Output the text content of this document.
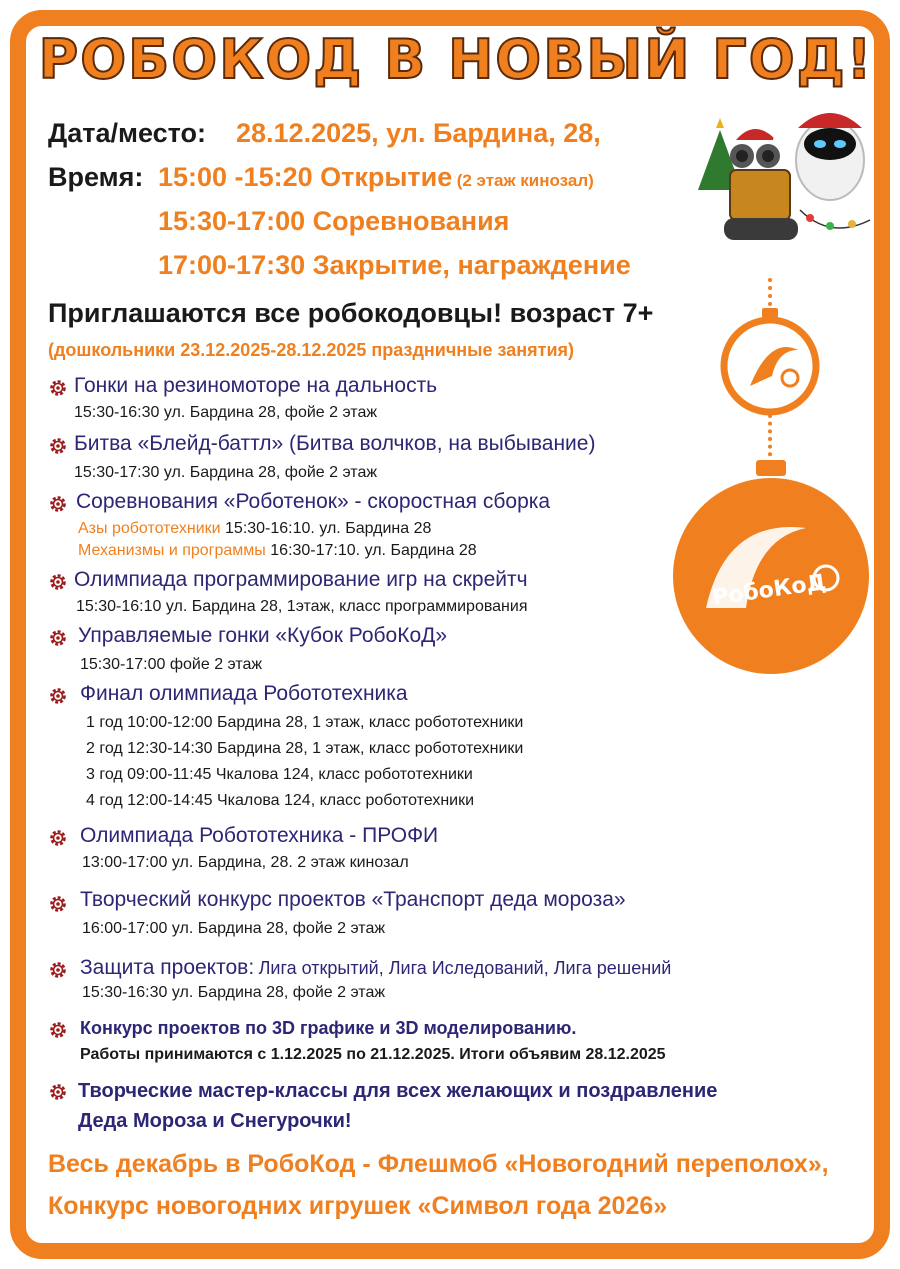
РОБОКОД В НОВЫЙ ГОД!
Дата/место: 28.12.2025, ул. Бардина, 28,
Время: 15:00 -15:20 Открытие (2 этаж кинозал)
15:30-17:00 Соревнования
17:00-17:30 Закрытие, награждение
Приглашаются все робокодовцы! возраст 7+
(дошкольники 23.12.2025-28.12.2025 праздничные занятия)
Гонки на резиномоторе на дальность
15:30-16:30 ул. Бардина 28, фойе 2 этаж
Битва «Блейд-баттл» (Битва волчков, на выбывание)
15:30-17:30 ул. Бардина 28, фойе 2 этаж
Соревнования «Роботенок» - скоростная сборка
Азы робототехники 15:30-16:10. ул. Бардина 28
Механизмы и программы 16:30-17:10. ул. Бардина 28
Олимпиада программирование игр на скрейтч
15:30-16:10 ул. Бардина 28, 1этаж, класс программирования
Управляемые гонки «Кубок РобоКоД»
15:30-17:00 фойе 2 этаж
Финал олимпиада Робототехника
1 год 10:00-12:00 Бардина 28, 1 этаж, класс робототехники
2 год 12:30-14:30 Бардина 28, 1 этаж, класс робототехники
3 год 09:00-11:45 Чкалова 124, класс робототехники
4 год 12:00-14:45 Чкалова 124, класс робототехники
Олимпиада Робототехника - ПРОФИ
13:00-17:00 ул. Бардина, 28. 2 этаж кинозал
Творческий конкурс проектов «Транспорт деда мороза»
16:00-17:00 ул. Бардина 28, фойе 2 этаж
Защита проектов: Лига открытий, Лига Иследований, Лига решений
15:30-16:30 ул. Бардина 28, фойе 2 этаж
Конкурс проектов по 3D графике и 3D моделированию.
Работы принимаются с 1.12.2025 по 21.12.2025. Итоги объявим 28.12.2025
Творческие мастер-классы для всех желающих и поздравление
Деда Мороза и Снегурочки!
Весь декабрь в РобоКод - Флешмоб «Новогодний переполох»,
Конкурс новогодних игрушек «Символ года 2026»
РобоКоД
